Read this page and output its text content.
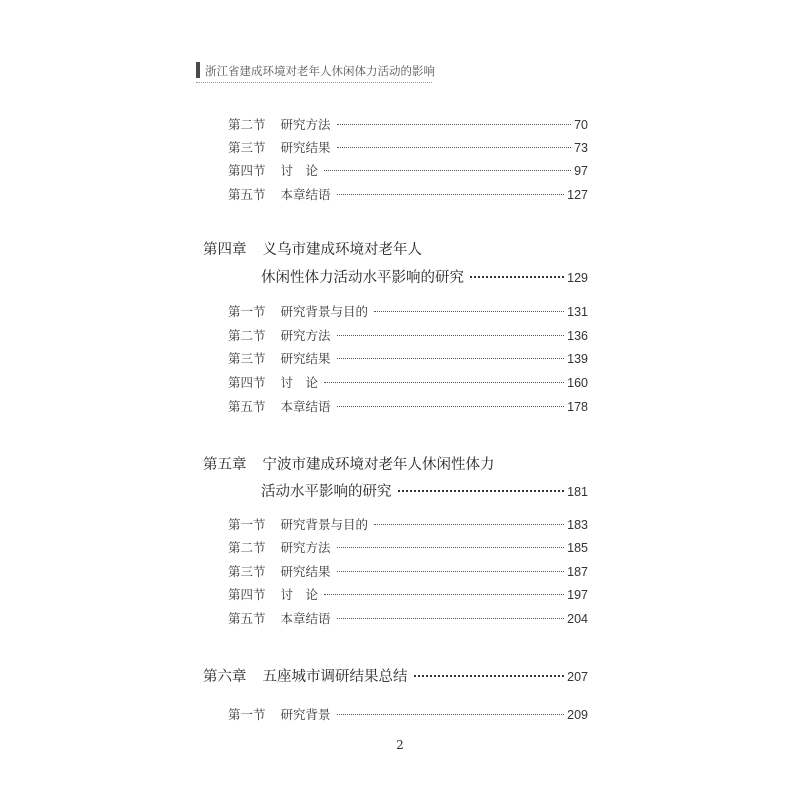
浙江省建成环境对老年人休闲体力活动的影响
第二节 研究方法	70
第三节 研究结果	73
第四节 讨　论	97
第五节 本章结语	127
第四章 义乌市建成环境对老年人
休闲性体力活动水平影响的研究	129
第一节 研究背景与目的	131
第二节 研究方法	136
第三节 研究结果	139
第四节 讨　论	160
第五节 本章结语	178
第五章 宁波市建成环境对老年人休闲性体力
活动水平影响的研究	181
第一节 研究背景与目的	183
第二节 研究方法	185
第三节 研究结果	187
第四节 讨　论	197
第五节 本章结语	204
第六章 五座城市调研结果总结	207
第一节 研究背景	209
2
